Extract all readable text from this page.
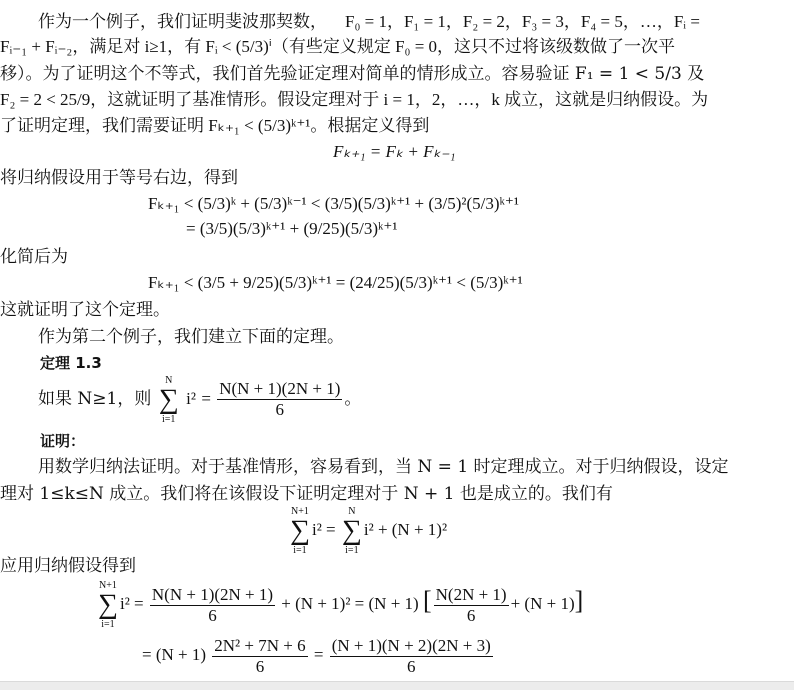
作为一个例子，我们证明斐波那契数， F₀ = 1，F₁ = 1，F₂ = 2，F₃ = 3，F₄ = 5，…，Fᵢ =
Fᵢ₋₁ + Fᵢ₋₂，满足对 i≥1，有 Fᵢ < (5/3)ⁱ（有些定义规定 F₀ = 0，这只不过将该级数做了一次平
移）。为了证明这个不等式，我们首先验证定理对简单的情形成立。容易验证 F₁ = 1 < 5/3 及
F₂ = 2 < 25/9，这就证明了基准情形。假设定理对于 i = 1，2，…，k 成立，这就是归纳假设。为
了证明定理，我们需要证明 Fₖ₊₁ < (5/3)ᵏ⁺¹。根据定义得到
Fₖ₊₁ = Fₖ + Fₖ₋₁
将归纳假设用于等号右边，得到
Fₖ₊₁ < (5/3)ᵏ + (5/3)ᵏ⁻¹ < (3/5)(5/3)ᵏ⁺¹ + (3/5)²(5/3)ᵏ⁺¹
= (3/5)(5/3)ᵏ⁺¹ + (9/25)(5/3)ᵏ⁺¹
化简后为
Fₖ₊₁ < (3/5 + 9/25)(5/3)ᵏ⁺¹ = (24/25)(5/3)ᵏ⁺¹ < (5/3)ᵏ⁺¹
这就证明了这个定理。
作为第二个例子，我们建立下面的定理。
定理 1.3
如果 N≥1，则
N
∑
i=1
$i^2 = \frac{N(N + 1)(2N + 1)}{6}$ 。
证明：
用数学归纳法证明。对于基准情形，容易看到，当 N = 1 时定理成立。对于归纳假设，设定
理对 1≤k≤N 成立。我们将在该假设下证明定理对于 N + 1 也是成立的。我们有
N+1
∑
i=1
i² =
N
∑
i=1
i² + (N + 1)²
应用归纳假设得到
N+1
∑
i=1
$i^2 = \frac{N(N + 1)(2N + 1)}{6} + (N + 1)^2 = (N + 1)$ [ $\frac{N(2N + 1)}{6} + (N + 1)$]
= $(N + 1) \frac{\text{2N² + 7N + 6}}{6} = \frac{(N + 1)(N + 2)(2N + 3)}{6}$
